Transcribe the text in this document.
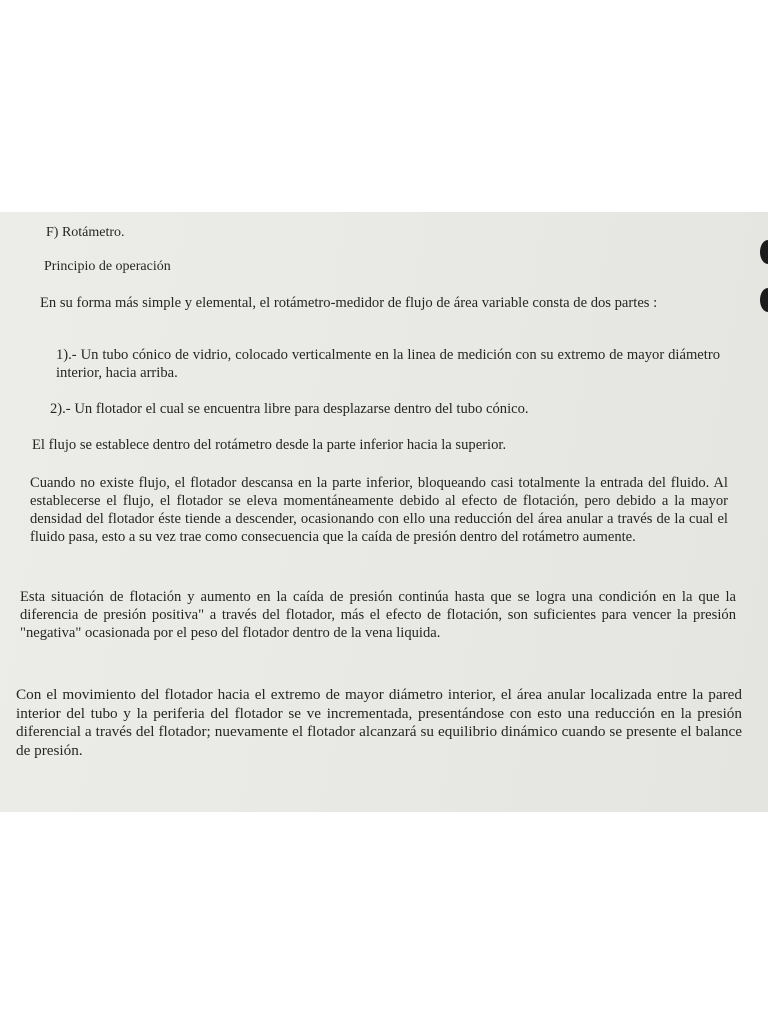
F) Rotámetro.
Principio de operación
En su forma más simple y elemental, el rotámetro-medidor de flujo de área variable consta de dos partes :
1).- Un tubo cónico de vidrio, colocado verticalmente en la linea de medición con su extremo de mayor diámetro interior, hacia arriba.
2).- Un flotador el cual se encuentra libre para desplazarse dentro del tubo cónico.
El flujo se establece dentro del rotámetro desde la parte inferior hacia la superior.
Cuando no existe flujo, el flotador descansa en la parte inferior, bloqueando casi totalmente la entrada del fluido. Al establecerse el flujo, el flotador se eleva momentáneamente debido al efecto de flotación, pero debido a la mayor densidad del flotador éste tiende a descender, ocasionando con ello una reducción del área anular a través de la cual el fluido pasa, esto a su vez trae como consecuencia que la caída de presión dentro del rotámetro aumente.
Esta situación de flotación y aumento en la caída de presión continúa hasta que se logra una condición en la que la diferencia de presión positiva" a través del flotador, más el efecto de flotación, son suficientes para vencer la presión "negativa" ocasionada por el peso del flotador dentro de la vena liquida.
Con el movimiento del flotador hacia el extremo de mayor diámetro interior, el área anular localizada entre la pared interior del tubo y la periferia del flotador se ve incrementada, presentándose con esto una reducción en la presión diferencial a través del flotador; nuevamente el flotador alcanzará su equilibrio dinámico cuando se presente el balance de presión.
